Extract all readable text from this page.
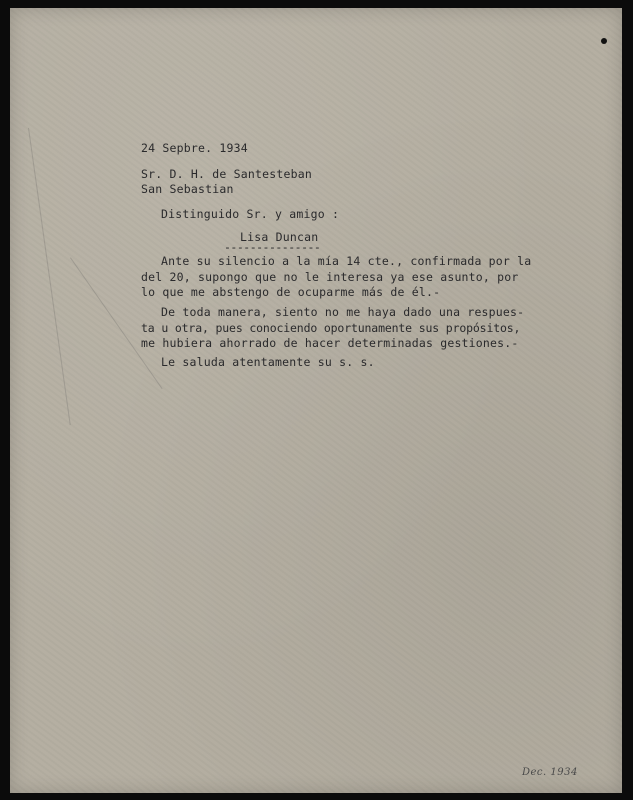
24 Sepbre. 1934
Sr. D. H. de Santesteban
San Sebastian
Distinguido Sr. y amigo :
Lisa Duncan
---------------
Ante su silencio a la mía 14 cte., confirmada por la
del 20, supongo que no le interesa ya ese asunto, por
lo que me abstengo de ocuparme más de él.-
De toda manera, siento no me haya dado una respues-
ta u otra, pues conociendo oportunamente sus propósitos,
me hubiera ahorrado de hacer determinadas gestiones.-
Le saluda atentamente su s. s.
Dec. 1934
